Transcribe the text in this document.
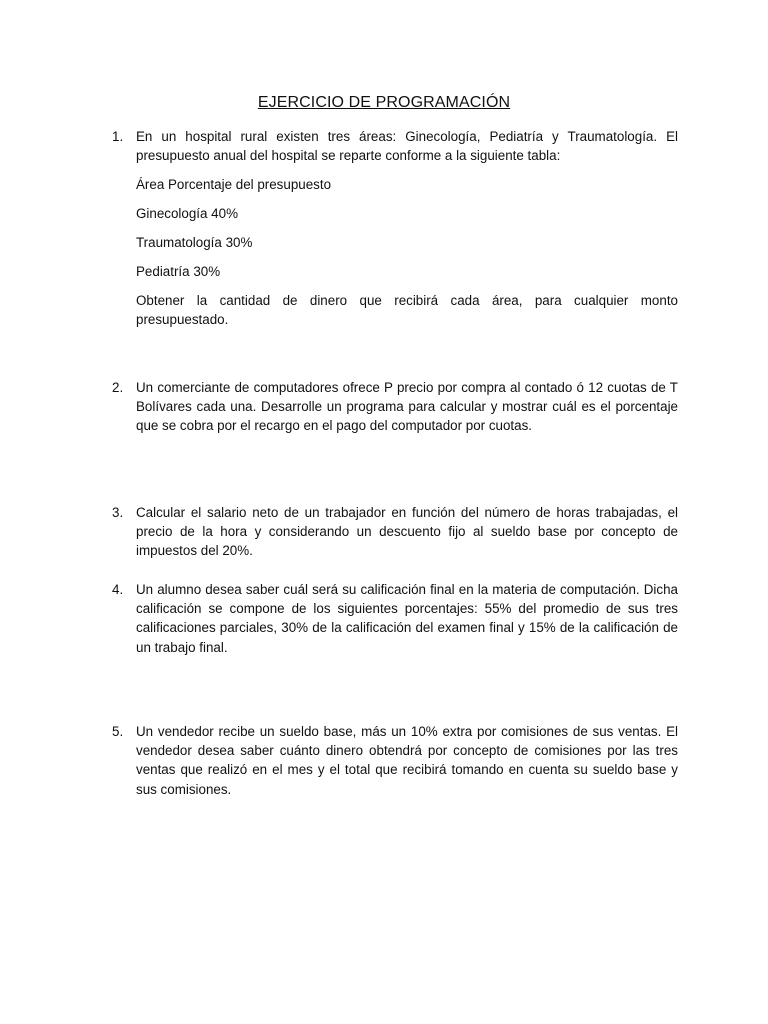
EJERCICIO DE PROGRAMACIÓN
1. En un hospital rural existen tres áreas: Ginecología, Pediatría y Traumatología. El presupuesto anual del hospital se reparte conforme a la siguiente tabla:

Área Porcentaje del presupuesto

Ginecología 40%

Traumatología 30%

Pediatría 30%

Obtener la cantidad de dinero que recibirá cada área, para cualquier monto presupuestado.

2. Un comerciante de computadores ofrece P precio por compra al contado ó 12 cuotas de T Bolívares cada una. Desarrolle un programa para calcular y mostrar cuál es el porcentaje que se cobra por el recargo en el pago del computador por cuotas.

3. Calcular el salario neto de un trabajador en función del número de horas trabajadas, el precio de la hora y considerando un descuento fijo al sueldo base por concepto de impuestos del 20%.

4. Un alumno desea saber cuál será su calificación final en la materia de computación. Dicha calificación se compone de los siguientes porcentajes: 55% del promedio de sus tres calificaciones parciales, 30% de la calificación del examen final y 15% de la calificación de un trabajo final.

5. Un vendedor recibe un sueldo base, más un 10% extra por comisiones de sus ventas. El vendedor desea saber cuánto dinero obtendrá por concepto de comisiones por las tres ventas que realizó en el mes y el total que recibirá tomando en cuenta su sueldo base y sus comisiones.
